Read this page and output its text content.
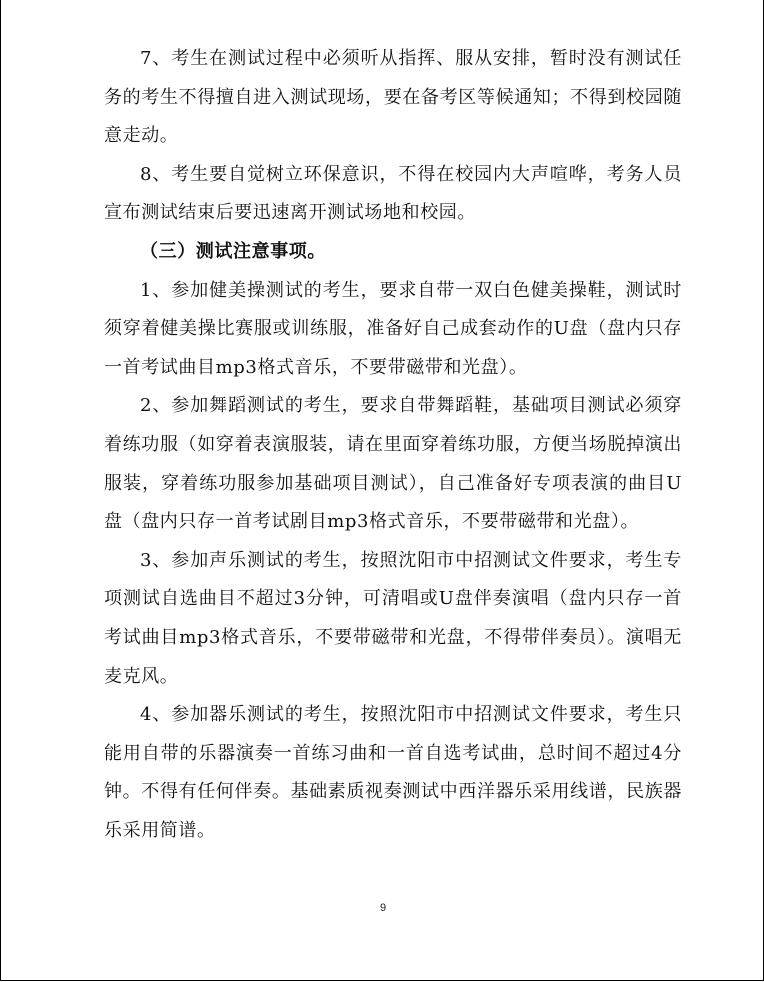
7、考生在测试过程中必须听从指挥、服从安排，暂时没有测试任务的考生不得擅自进入测试现场，要在备考区等候通知；不得到校园随意走动。

8、考生要自觉树立环保意识，不得在校园内大声喧哗，考务人员宣布测试结束后要迅速离开测试场地和校园。

（三）测试注意事项。

1、参加健美操测试的考生，要求自带一双白色健美操鞋，测试时须穿着健美操比赛服或训练服，准备好自己成套动作的U盘（盘内只存一首考试曲目mp3格式音乐，不要带磁带和光盘）。

2、参加舞蹈测试的考生，要求自带舞蹈鞋，基础项目测试必须穿着练功服（如穿着表演服装，请在里面穿着练功服，方便当场脱掉演出服装，穿着练功服参加基础项目测试），自己准备好专项表演的曲目U盘（盘内只存一首考试剧目mp3格式音乐，不要带磁带和光盘）。

3、参加声乐测试的考生，按照沈阳市中招测试文件要求，考生专项测试自选曲目不超过3分钟，可清唱或U盘伴奏演唱（盘内只存一首考试曲目mp3格式音乐，不要带磁带和光盘，不得带伴奏员）。演唱无麦克风。

4、参加器乐测试的考生，按照沈阳市中招测试文件要求，考生只能用自带的乐器演奏一首练习曲和一首自选考试曲，总时间不超过4分钟。不得有任何伴奏。基础素质视奏测试中西洋器乐采用线谱，民族器乐采用简谱。

9
